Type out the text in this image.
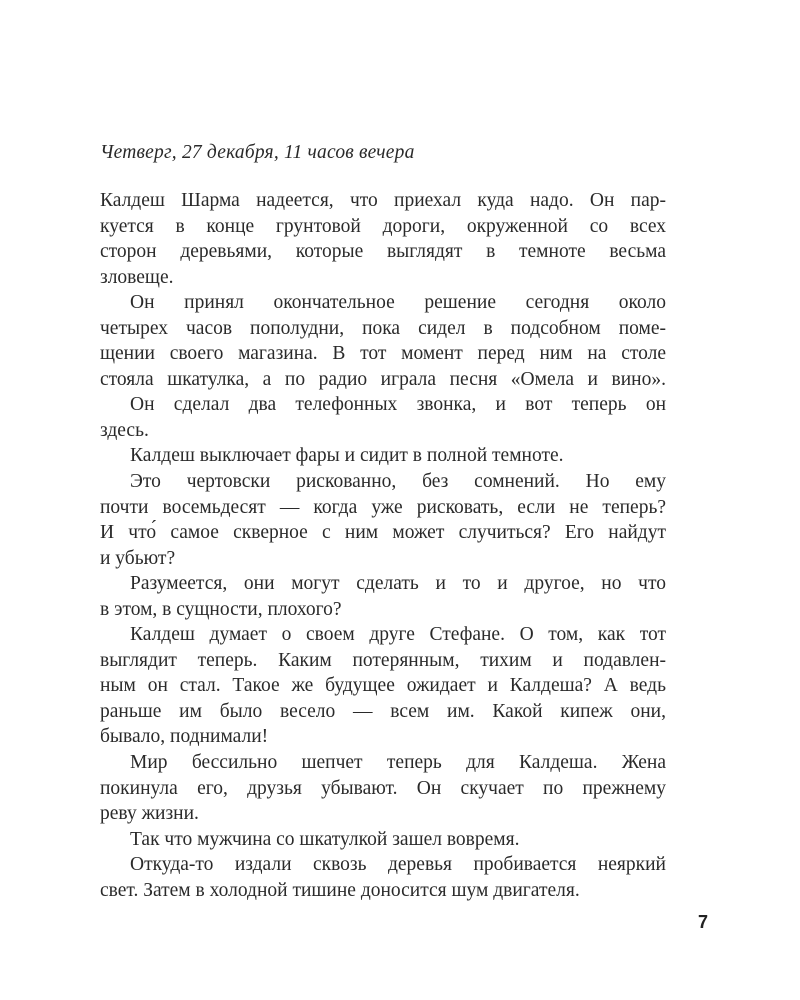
Четверг, 27 декабря, 11 часов вечера
Калдеш Шарма надеется, что приехал куда надо. Он пар-
куется в конце грунтовой дороги, окруженной со всех
сторон деревьями, которые выглядят в темноте весьма
зловеще.
Он принял окончательное решение сегодня около
четырех часов пополудни, пока сидел в подсобном поме-
щении своего магазина. В тот момент перед ним на столе
стояла шкатулка, а по радио играла песня «Омела и вино».
Он сделал два телефонных звонка, и вот теперь он
здесь.
Калдеш выключает фары и сидит в полной темноте.
Это чертовски рискованно, без сомнений. Но ему
почти восемьдесят — когда уже рисковать, если не теперь?
И что́ самое скверное с ним может случиться? Его найдут
и убьют?
Разумеется, они могут сделать и то и другое, но что
в этом, в сущности, плохого?
Калдеш думает о своем друге Стефане. О том, как тот
выглядит теперь. Каким потерянным, тихим и подавлен-
ным он стал. Такое же будущее ожидает и Калдеша? А ведь
раньше им было весело — всем им. Какой кипеж они,
бывало, поднимали!
Мир бессильно шепчет теперь для Калдеша. Жена
покинула его, друзья убывают. Он скучает по прежнему
реву жизни.
Так что мужчина со шкатулкой зашел вовремя.
Откуда-то издали сквозь деревья пробивается неяркий
свет. Затем в холодной тишине доносится шум двигателя.
7
